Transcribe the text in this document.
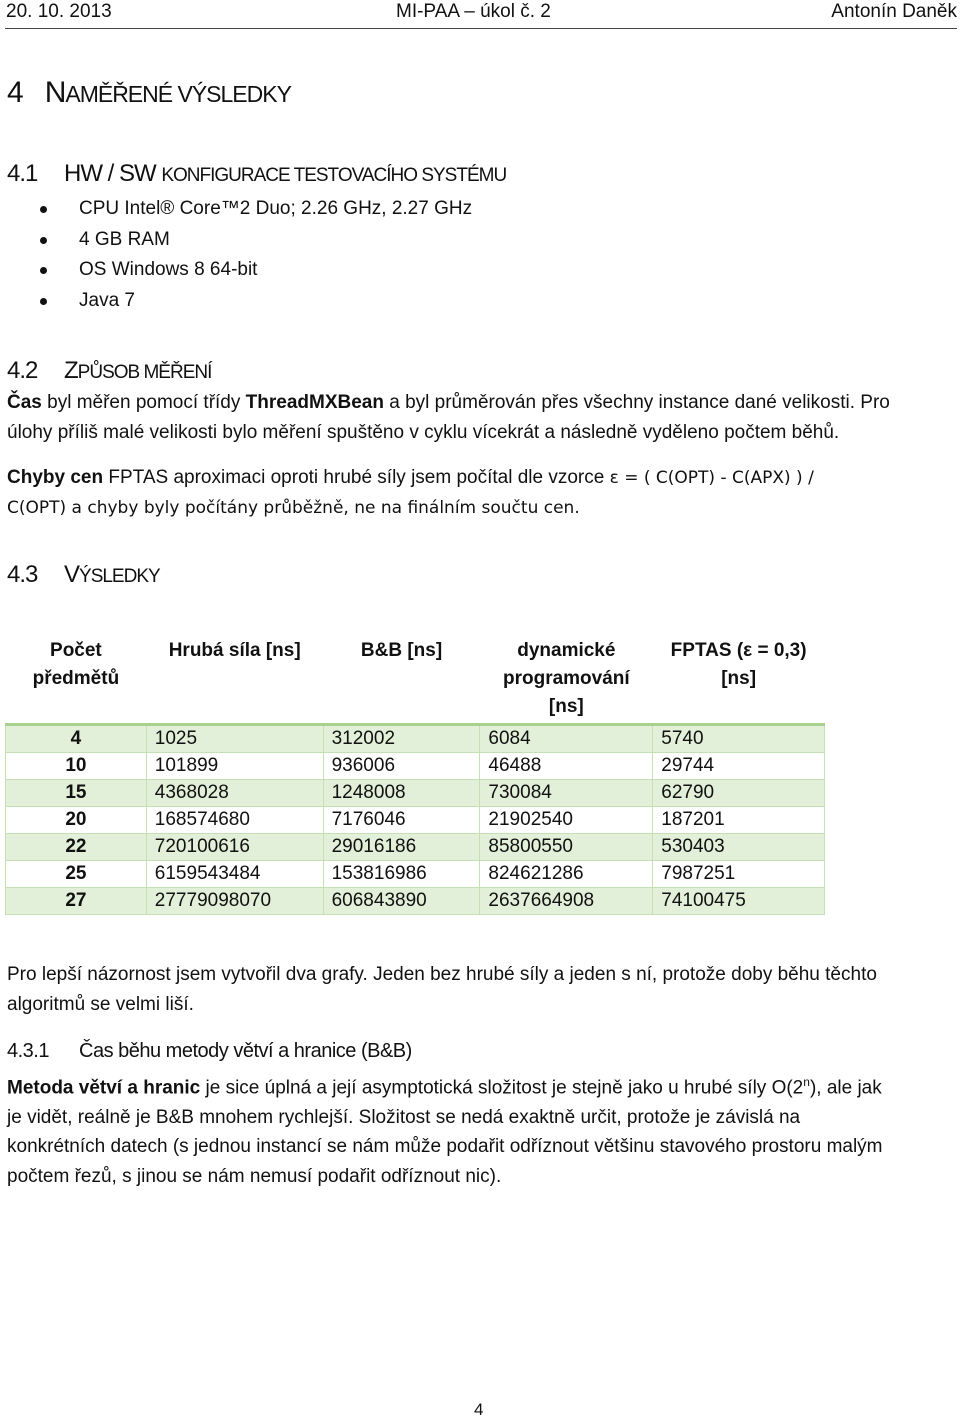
20. 10. 2013	MI-PAA – úkol č. 2	Antonín Daněk
4 NAMĚŘENÉ VÝSLEDKY
4.1 HW / SW KONFIGURACE TESTOVACÍHO SYSTÉMU
CPU Intel® Core™2 Duo; 2.26 GHz, 2.27 GHz
4 GB RAM
OS Windows 8 64-bit
Java 7
4.2 ZPŮSOB MĚŘENÍ
Čas byl měřen pomocí třídy ThreadMXBean a byl průměrován přes všechny instance dané velikosti. Pro
úlohy příliš malé velikosti bylo měření spuštěno v cyklu vícekrát a následně vyděleno počtem běhů.
Chyby cen FPTAS aproximaci oproti hrubé síly jsem počítal dle vzorce ε = ( C(OPT) - C(APX) ) /
C(OPT) a chyby byly počítány průběžně, ne na finálním součtu cen.
4.3 VÝSLEDKY
Počet
předmětů	Hrubá síla [ns]	B&B [ns]	dynamické
programování
[ns]	FPTAS (ε = 0,3)
[ns]
4	1025	312002	6084	5740
10	101899	936006	46488	29744
15	4368028	1248008	730084	62790
20	168574680	7176046	21902540	187201
22	720100616	29016186	85800550	530403
25	6159543484	153816986	824621286	7987251
27	27779098070	606843890	2637664908	74100475
Pro lepší názornost jsem vytvořil dva grafy. Jeden bez hrubé síly a jeden s ní, protože doby běhu těchto
algoritmů se velmi liší.
4.3.1 Čas běhu metody větví a hranice (B&B)
Metoda větví a hranic je sice úplná a její asymptotická složitost je stejně jako u hrubé síly O(2$^n$), ale jak
je vidět, reálně je B&B mnohem rychlejší. Složitost se nedá exaktně určit, protože je závislá na
konkrétních datech (s jednou instancí se nám může podařit odříznout většinu stavového prostoru malým
počtem řezů, s jinou se nám nemusí podařit odříznout nic).
4
